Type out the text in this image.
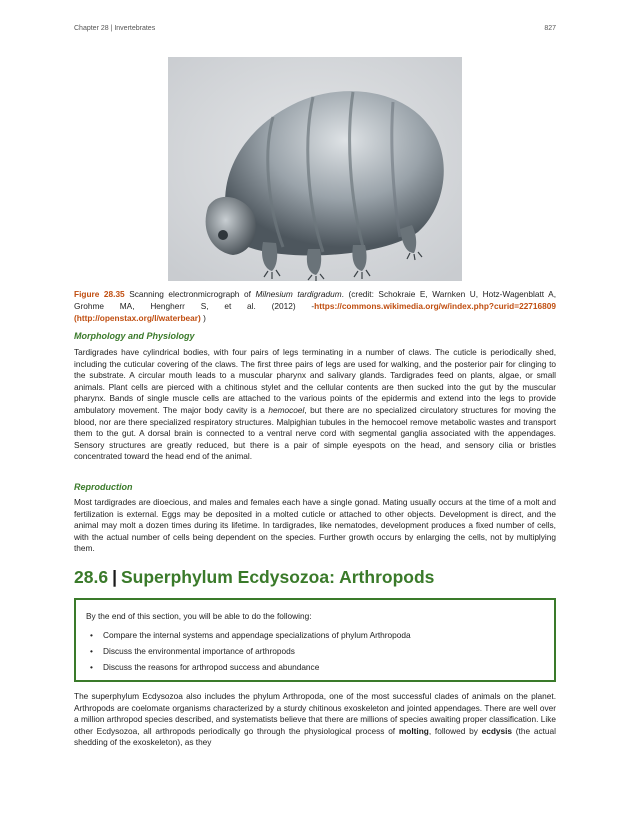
Chapter 28 | Invertebrates	827
Figure 28.35 Scanning electronmicrograph of Milnesium tardigradum. (credit: Schokraie E, Warnken U, Hotz-Wagenblatt A, Grohme MA, Hengherr S, et al. (2012) -https://commons.wikimedia.org/w/index.php?curid=22716809 (http://openstax.org/l/waterbear) )
Morphology and Physiology

Tardigrades have cylindrical bodies, with four pairs of legs terminating in a number of claws. The cuticle is periodically shed, including the cuticular covering of the claws. The first three pairs of legs are used for walking, and the posterior pair for clinging to the substrate. A circular mouth leads to a muscular pharynx and salivary glands. Tardigrades feed on plants, algae, or small animals. Plant cells are pierced with a chitinous stylet and the cellular contents are then sucked into the gut by the muscular pharynx. Bands of single muscle cells are attached to the various points of the epidermis and extend into the legs to provide ambulatory movement. The major body cavity is a hemocoel, but there are no specialized circulatory structures for moving the blood, nor are there specialized respiratory structures. Malpighian tubules in the hemocoel remove metabolic wastes and transport them to the gut. A dorsal brain is connected to a ventral nerve cord with segmental ganglia associated with the appendages. Sensory structures are greatly reduced, but there is a pair of simple eyespots on the head, and sensory cilia or bristles concentrated toward the head end of the animal.

Reproduction

Most tardigrades are dioecious, and males and females each have a single gonad. Mating usually occurs at the time of a molt and fertilization is external. Eggs may be deposited in a molted cuticle or attached to other objects. Development is direct, and the animal may molt a dozen times during its lifetime. In tardigrades, like nematodes, development produces a fixed number of cells, with the actual number of cells being dependent on the species. Further growth occurs by enlarging the cells, not by multiplying them.

28.6 | Superphylum Ecdysozoa: Arthropods
By the end of this section, you will be able to do the following:
• Compare the internal systems and appendage specializations of phylum Arthropoda
• Discuss the environmental importance of arthropods
• Discuss the reasons for arthropod success and abundance

The superphylum Ecdysozoa also includes the phylum Arthropoda, one of the most successful clades of animals on the planet. Arthropods are coelomate organisms characterized by a sturdy chitinous exoskeleton and jointed appendages. There are well over a million arthropod species described, and systematists believe that there are millions of species awaiting proper classification. Like other Ecdysozoa, all arthropods periodically go through the physiological process of molting, followed by ecdysis (the actual shedding of the exoskeleton), as they
